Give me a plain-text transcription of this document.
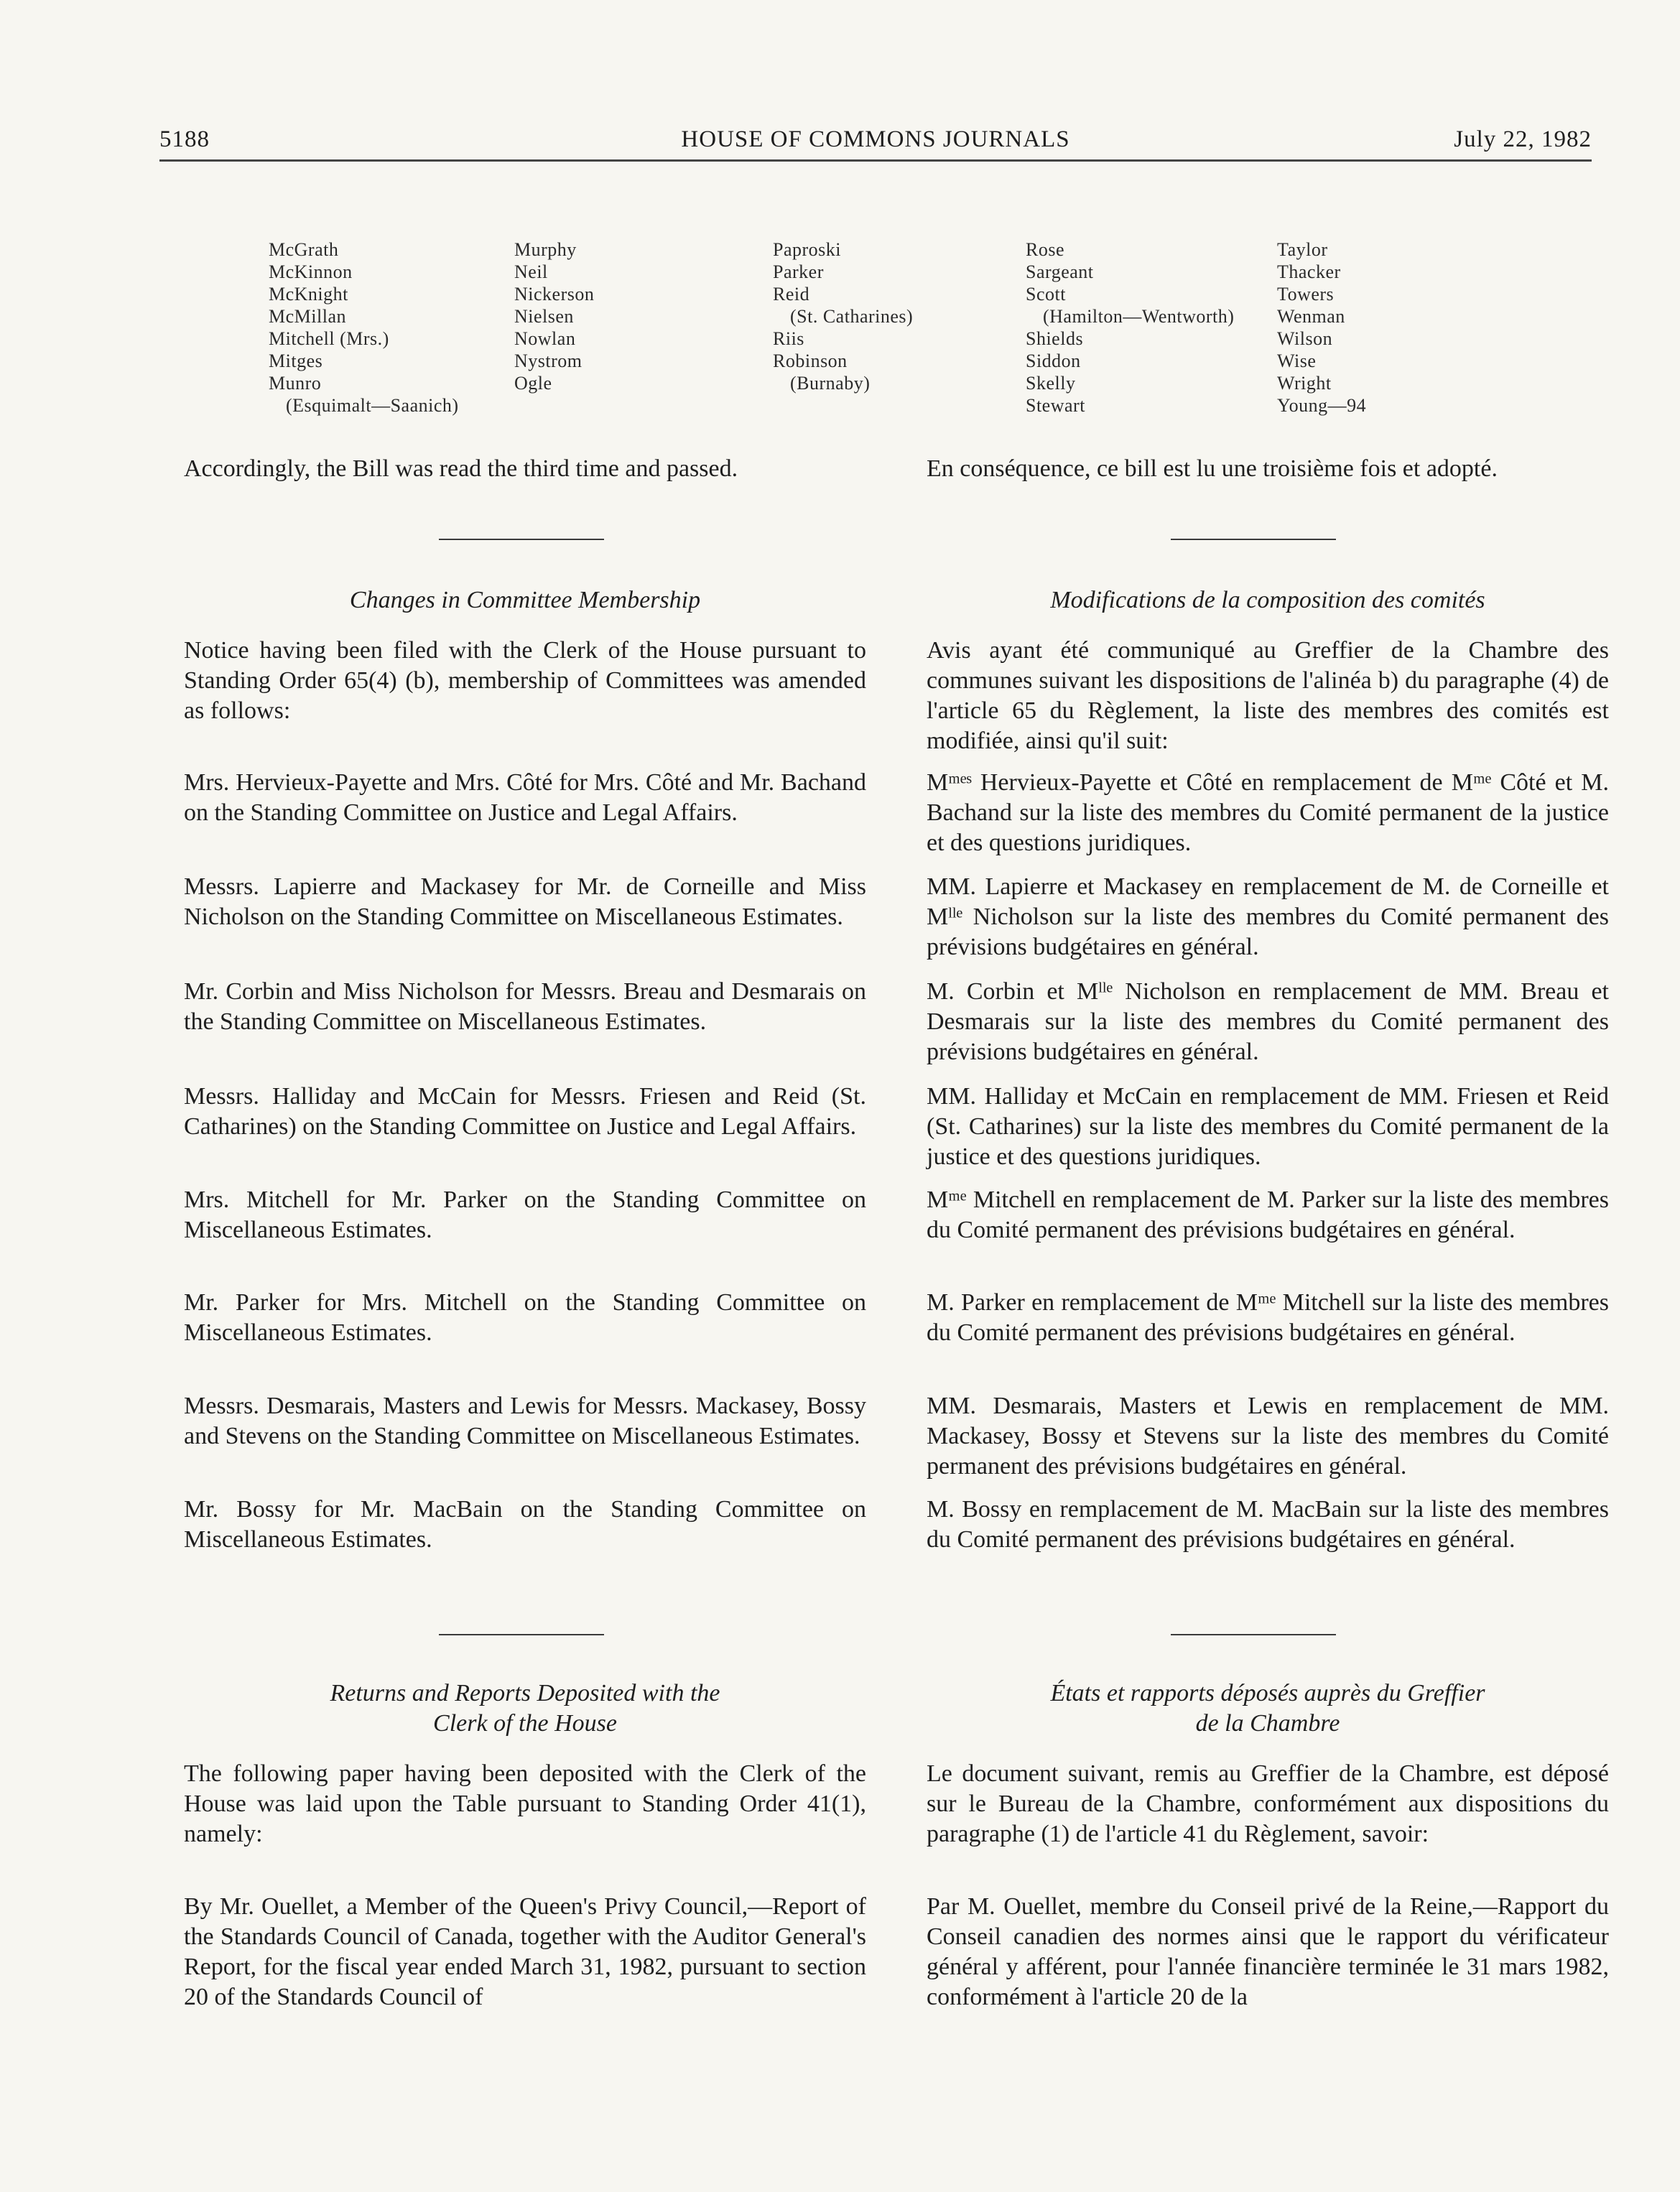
5188	HOUSE OF COMMONS JOURNALS	July 22, 1982
McGrath
McKinnon
McKnight
McMillan
Mitchell (Mrs.)
Mitges
Munro
(Esquimalt—Saanich)
Murphy
Neil
Nickerson
Nielsen
Nowlan
Nystrom
Ogle
Paproski
Parker
Reid
(St. Catharines)
Riis
Robinson
(Burnaby)
Rose
Sargeant
Scott
(Hamilton—Wentworth)
Shields
Siddon
Skelly
Stewart
Taylor
Thacker
Towers
Wenman
Wilson
Wise
Wright
Young—94

Accordingly, the Bill was read the third time and passed.

Changes in Committee Membership

Notice having been filed with the Clerk of the House pursuant to Standing Order 65(4) (b), membership of Committees was amended as follows:

Mrs. Hervieux-Payette and Mrs. Côté for Mrs. Côté and Mr. Bachand on the Standing Committee on Justice and Legal Affairs.

Messrs. Lapierre and Mackasey for Mr. de Corneille and Miss Nicholson on the Standing Committee on Miscellaneous Estimates.

Mr. Corbin and Miss Nicholson for Messrs. Breau and Desmarais on the Standing Committee on Miscellaneous Estimates.

Messrs. Halliday and McCain for Messrs. Friesen and Reid (St. Catharines) on the Standing Committee on Justice and Legal Affairs.

Mrs. Mitchell for Mr. Parker on the Standing Committee on Miscellaneous Estimates.

Mr. Parker for Mrs. Mitchell on the Standing Committee on Miscellaneous Estimates.

Messrs. Desmarais, Masters and Lewis for Messrs. Mackasey, Bossy and Stevens on the Standing Committee on Miscellaneous Estimates.

Mr. Bossy for Mr. MacBain on the Standing Committee on Miscellaneous Estimates.

Returns and Reports Deposited with the

Clerk of the House

The following paper having been deposited with the Clerk of the House was laid upon the Table pursuant to Standing Order 41(1), namely:

By Mr. Ouellet, a Member of the Queen's Privy Council,—Report of the Standards Council of Canada, together with the Auditor General's Report, for the fiscal year ended March 31, 1982, pursuant to section 20 of the Standards Council of

En conséquence, ce bill est lu une troisième fois et adopté.

Modifications de la composition des comités

Avis ayant été communiqué au Greffier de la Chambre des communes suivant les dispositions de l'alinéa b) du paragraphe (4) de l'article 65 du Règlement, la liste des membres des comités est modifiée, ainsi qu'il suit:

Mᵐᵉˢ Hervieux-Payette et Côté en remplacement de Mᵐᵉ Côté et M. Bachand sur la liste des membres du Comité permanent de la justice et des questions juridiques.

MM. Lapierre et Mackasey en remplacement de M. de Corneille et Mˡˡᵉ Nicholson sur la liste des membres du Comité permanent des prévisions budgétaires en général.

M. Corbin et Mˡˡᵉ Nicholson en remplacement de MM. Breau et Desmarais sur la liste des membres du Comité permanent des prévisions budgétaires en général.

MM. Halliday et McCain en remplacement de MM. Friesen et Reid (St. Catharines) sur la liste des membres du Comité permanent de la justice et des questions juridiques.

Mᵐᵉ Mitchell en remplacement de M. Parker sur la liste des membres du Comité permanent des prévisions budgétaires en général.

M. Parker en remplacement de Mᵐᵉ Mitchell sur la liste des membres du Comité permanent des prévisions budgétaires en général.

MM. Desmarais, Masters et Lewis en remplacement de MM. Mackasey, Bossy et Stevens sur la liste des membres du Comité permanent des prévisions budgétaires en général.

M. Bossy en remplacement de M. MacBain sur la liste des membres du Comité permanent des prévisions budgétaires en général.

États et rapports déposés auprès du Greffier

de la Chambre

Le document suivant, remis au Greffier de la Chambre, est déposé sur le Bureau de la Chambre, conformément aux dispositions du paragraphe (1) de l'article 41 du Règlement, savoir:

Par M. Ouellet, membre du Conseil privé de la Reine,—Rapport du Conseil canadien des normes ainsi que le rapport du vérificateur général y afférent, pour l'année financière terminée le 31 mars 1982, conformément à l'article 20 de la
